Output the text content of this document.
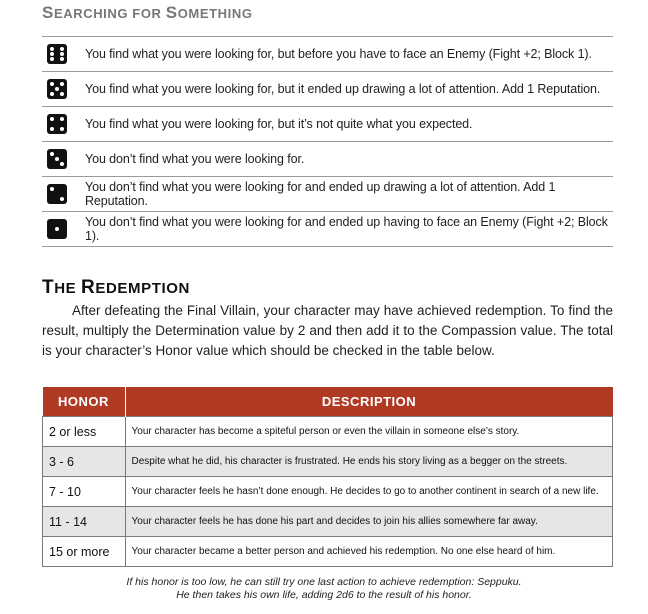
SEARCHING FOR SOMETHING
You find what you were looking for, but before you have to face an Enemy (Fight +2; Block 1).
You find what you were looking for, but it ended up drawing a lot of attention. Add 1 Reputation.
You find what you were looking for, but it’s not quite what you expected.
You don’t find what you were looking for.
You don’t find what you were looking for and ended up drawing a lot of attention. Add 1 Reputation.
You don’t find what you were looking for and ended up having to face an Enemy (Fight +2; Block 1).
THE REDEMPTION

After defeating the Final Villain, your character may have achieved redemption. To find the result, multiply the Determination value by 2 and then add it to the Compassion value. The total is your character’s Honor value which should be checked in the table below.

HONOR	DESCRIPTION
2 or less	Your character has become a spiteful person or even the villain in someone else’s story.
3 - 6	Despite what he did, his character is frustrated. He ends his story living as a begger on the streets.
7 - 10	Your character feels he hasn’t done enough. He decides to go to another continent in search of a new life.
11 - 14	Your character feels he has done his part and decides to join his allies somewhere far away.
15 or more	Your character became a better person and achieved his redemption. No one else heard of him.
If his honor is too low, he can still try one last action to achieve redemption: Seppuku.
He then takes his own life, adding 2d6 to the result of his honor.
